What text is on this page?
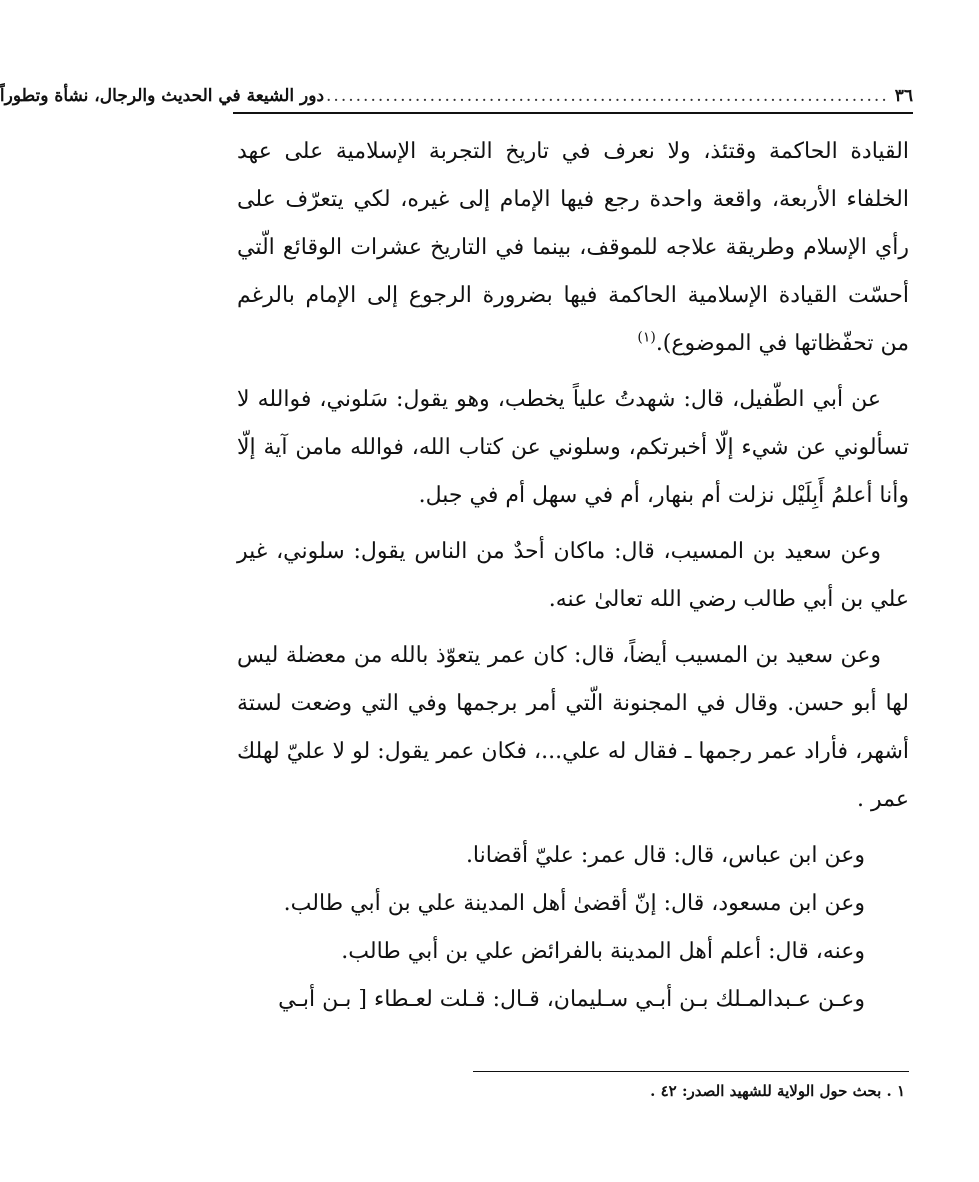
٣٦
............................................................................
دور الشيعة في الحديث والرجال، نشأة وتطوراً

القيادة الحاكمة وقتئذ، ولا نعرف في تاريخ التجربة الإسلامية على عهد الخلفاء الأربعة، واقعة واحدة رجع فيها الإمام إلى غيره، لكي يتعرّف على رأي الإسلام وطريقة علاجه للموقف، بينما في التاريخ عشرات الوقائع الّتي أحسّت القيادة الإسلامية الحاكمة فيها بضرورة الرجوع إلى الإمام بالرغم من تحفّظاتها في الموضوع).$^{(١)}$

عن أبي الطّفيل، قال: شهدتُ علياً يخطب، وهو يقول: سَلوني، فوالله لا تسألوني عن شيء إلّا أخبرتكم، وسلوني عن كتاب الله، فوالله مامن آية إلّا وأنا أعلمُ أَبِلَيْل نزلت أم بنهار، أم في سهل أم في جبل.

وعن سعيد بن المسيب، قال: ماكان أحدٌ من الناس يقول: سلوني، غير علي بن أبي طالب رضي الله تعالىٰ عنه.

وعن سعيد بن المسيب أيضاً، قال: كان عمر يتعوّذ بالله من معضلة ليس لها أبو حسن. وقال في المجنونة الّتي أمر برجمها وفي التي وضعت لستة أشهر، فأراد عمر رجمها ـ فقال له علي...، فكان عمر يقول: لو لا عليّ لهلك عمر .

وعن ابن عباس، قال: قال عمر: عليّ أقضانا.

وعن ابن مسعود، قال: إنّ أقضىٰ أهل المدينة علي بن أبي طالب.

وعنه، قال: أعلم أهل المدينة بالفرائض علي بن أبي طالب.

وعـن عـبدالمـلك بـن أبـي سـليمان، قـال: قـلت لعـطاء [ بـن أبـي

١ . بحث حول الولاية للشهيد الصدر: ٤٢ .
